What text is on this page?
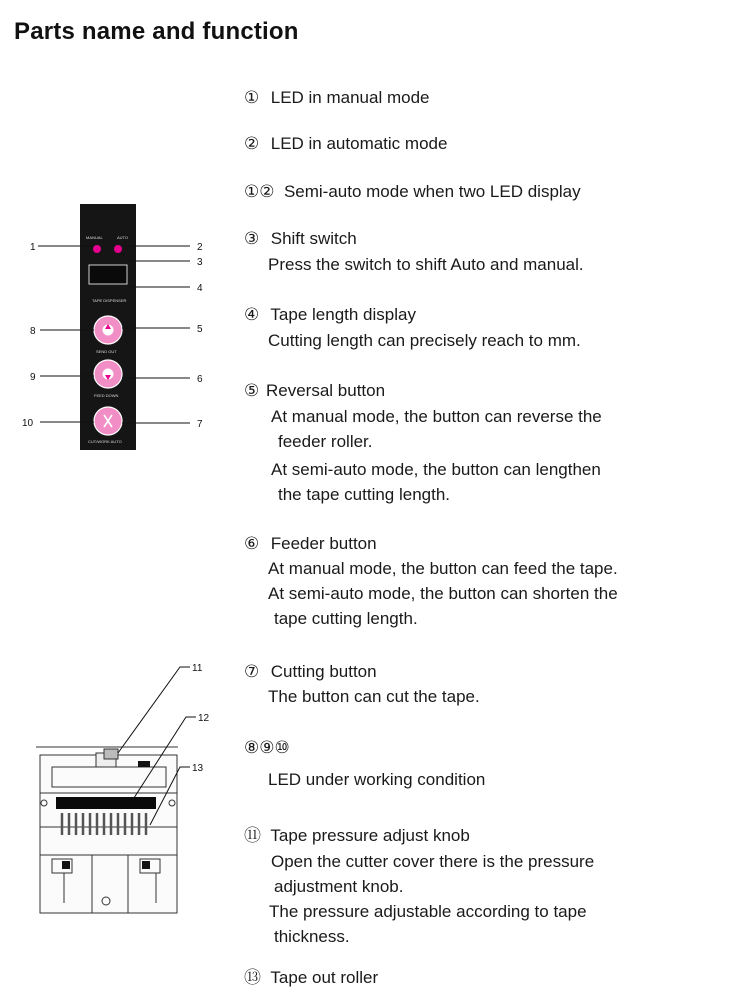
Parts name and function
① LED in manual mode
② LED in automatic mode
①② Semi-auto mode when two LED display
③ Shift switch
Press the switch to shift Auto and manual.
④ Tape length display
Cutting length can precisely reach to mm.
⑤ Reversal button
At manual mode, the button can reverse the
feeder roller.
At semi-auto mode, the button can lengthen
the tape cutting length.
⑥ Feeder button
At manual mode, the button can feed the tape.
At semi-auto mode, the button can shorten the
tape cutting length.
⑦ Cutting button
The button can cut the tape.
⑧⑨⑩
LED under working condition
⑪ Tape pressure adjust knob
Open the cutter cover there is the pressure
adjustment knob.
The pressure adjustable according to tape
thickness.
⑬ Tape out roller
MANUAL	AUTO
TAPE DISPENSER
SEND OUT
FEED DOWN
CUT/WORK AUTO
1	2
3
4
5
6
7
8
9
10
11
12
13
